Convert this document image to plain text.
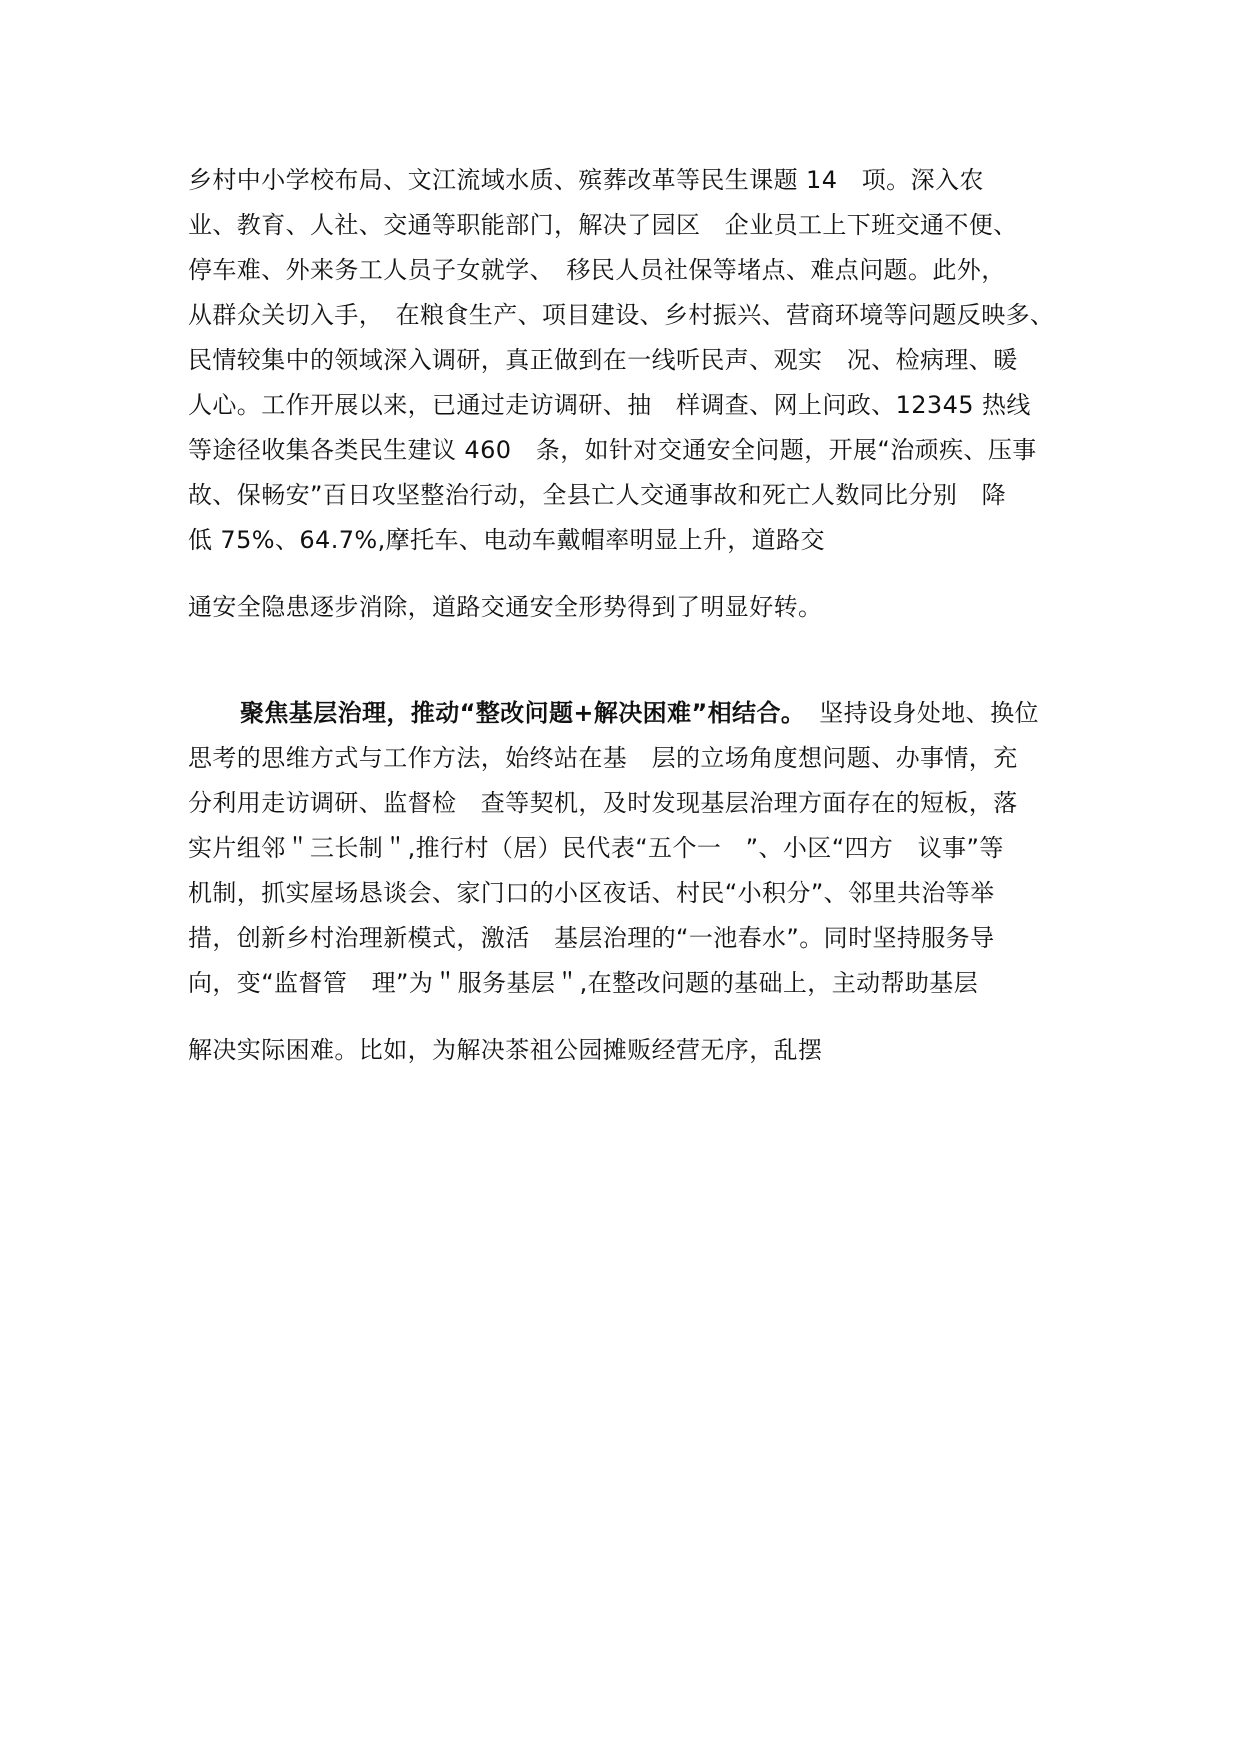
乡村中小学校布局、文江流域水质、殡葬改革等民生课题 14　项。深入农
业、教育、人社、交通等职能部门，解决了园区　企业员工上下班交通不便、
停车难、外来务工人员子女就学、　移民人员社保等堵点、难点问题。此外，
从群众关切入手，　在粮食生产、项目建设、乡村振兴、营商环境等问题反映多、
民情较集中的领域深入调研，真正做到在一线听民声、观实　况、检病理、暖
人心。工作开展以来，已通过走访调研、抽　样调查、网上问政、12345 热线
等途径收集各类民生建议 460　条，如针对交通安全问题，开展“治顽疾、压事
故、保畅安”百日攻坚整治行动，全县亡人交通事故和死亡人数同比分别　降
低 75%、64.7%,摩托车、电动车戴帽率明显上升，道路交
通安全隐患逐步消除，道路交通安全形势得到了明显好转。
聚焦基层治理，推动“整改问题+解决困难”相结合。 坚持设身处地、换位
思考的思维方式与工作方法，始终站在基　层的立场角度想问题、办事情，充
分利用走访调研、监督检　查等契机，及时发现基层治理方面存在的短板，落
实片组邻＂三长制＂,推行村（居）民代表“五个一　”、小区“四方　议事”等
机制，抓实屋场恳谈会、家门口的小区夜话、村民“小积分”、邻里共治等举
措，创新乡村治理新模式，激活　基层治理的“一池春水”。同时坚持服务导
向，变“监督管　理”为＂服务基层＂,在整改问题的基础上，主动帮助基层
解决实际困难。比如，为解决茶祖公园摊贩经营无序，乱摆
